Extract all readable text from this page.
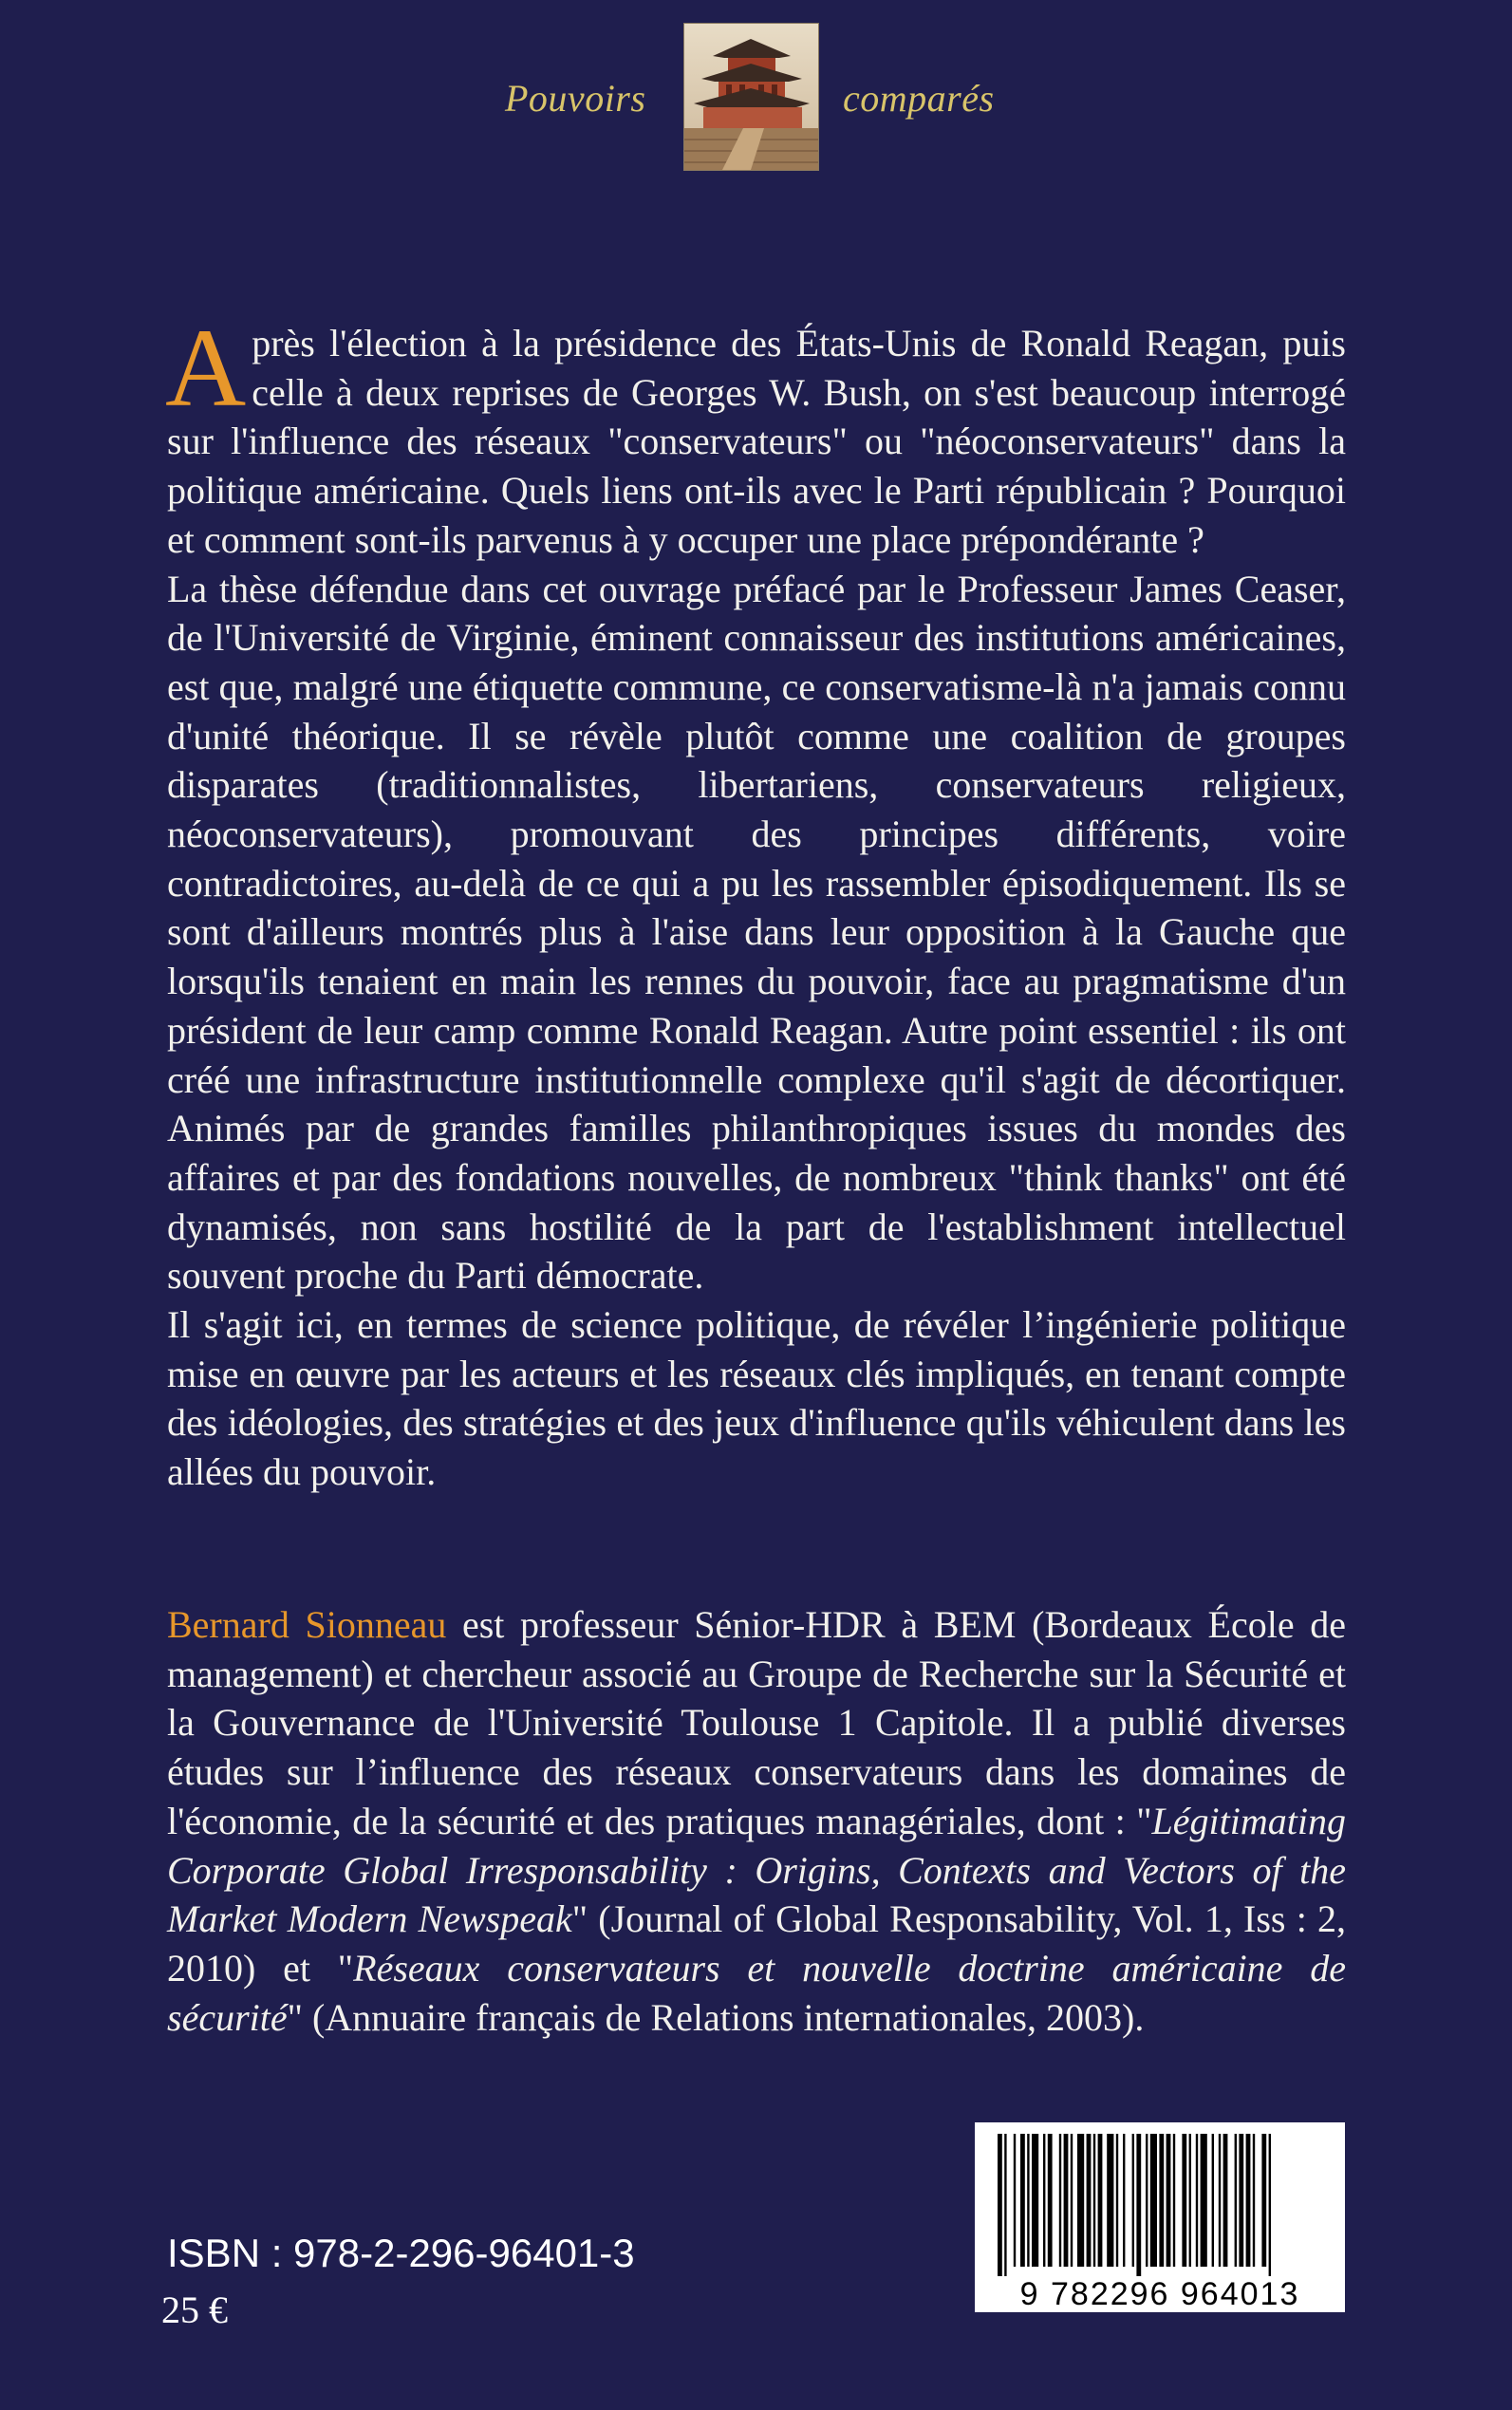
Pouvoirs	comparés

Après l'élection à la présidence des États-Unis de Ronald Reagan, puis celle à deux reprises de Georges W. Bush, on s'est beaucoup interrogé sur l'influence des réseaux "conservateurs" ou "néoconservateurs" dans la politique américaine. Quels liens ont-ils avec le Parti républicain ? Pourquoi et comment sont-ils parvenus à y occuper une place prépondérante ?

La thèse défendue dans cet ouvrage préfacé par le Professeur James Ceaser, de l'Université de Virginie, éminent connaisseur des institutions américaines, est que, malgré une étiquette commune, ce conservatisme-là n'a jamais connu d'unité théorique. Il se révèle plutôt comme une coalition de groupes disparates (traditionnalistes, libertariens, conservateurs religieux, néoconservateurs), promouvant des principes différents, voire contradictoires, au-delà de ce qui a pu les rassembler épisodiquement. Ils se sont d'ailleurs montrés plus à l'aise dans leur opposition à la Gauche que lorsqu'ils tenaient en main les rennes du pouvoir, face au pragmatisme d'un président de leur camp comme Ronald Reagan. Autre point essentiel : ils ont créé une infrastructure institutionnelle complexe qu'il s'agit de décortiquer. Animés par de grandes familles philanthropiques issues du mondes des affaires et par des fondations nouvelles, de nombreux "think thanks" ont été dynamisés, non sans hostilité de la part de l'establishment intellectuel souvent proche du Parti démocrate.

Il s'agit ici, en termes de science politique, de révéler l’ingénierie politique mise en œuvre par les acteurs et les réseaux clés impliqués, en tenant compte des idéologies, des stratégies et des jeux d'influence qu'ils véhiculent dans les allées du pouvoir.

Bernard Sionneau est professeur Sénior-HDR à BEM (Bordeaux École de management) et chercheur associé au Groupe de Recherche sur la Sécurité et la Gouvernance de l'Université Toulouse 1 Capitole. Il a publié diverses études sur l’influence des réseaux conservateurs dans les domaines de l'économie, de la sécurité et des pratiques managériales, dont : "Légitimating Corporate Global Irresponsability : Origins, Contexts and Vectors of the Market Modern Newspeak" (Journal of Global Responsability, Vol. 1, Iss : 2, 2010) et "Réseaux conservateurs et nouvelle doctrine américaine de sécurité" (Annuaire français de Relations internationales, 2003).

ISBN : 978-2-296-96401-3
25 €	9 782296 964013
